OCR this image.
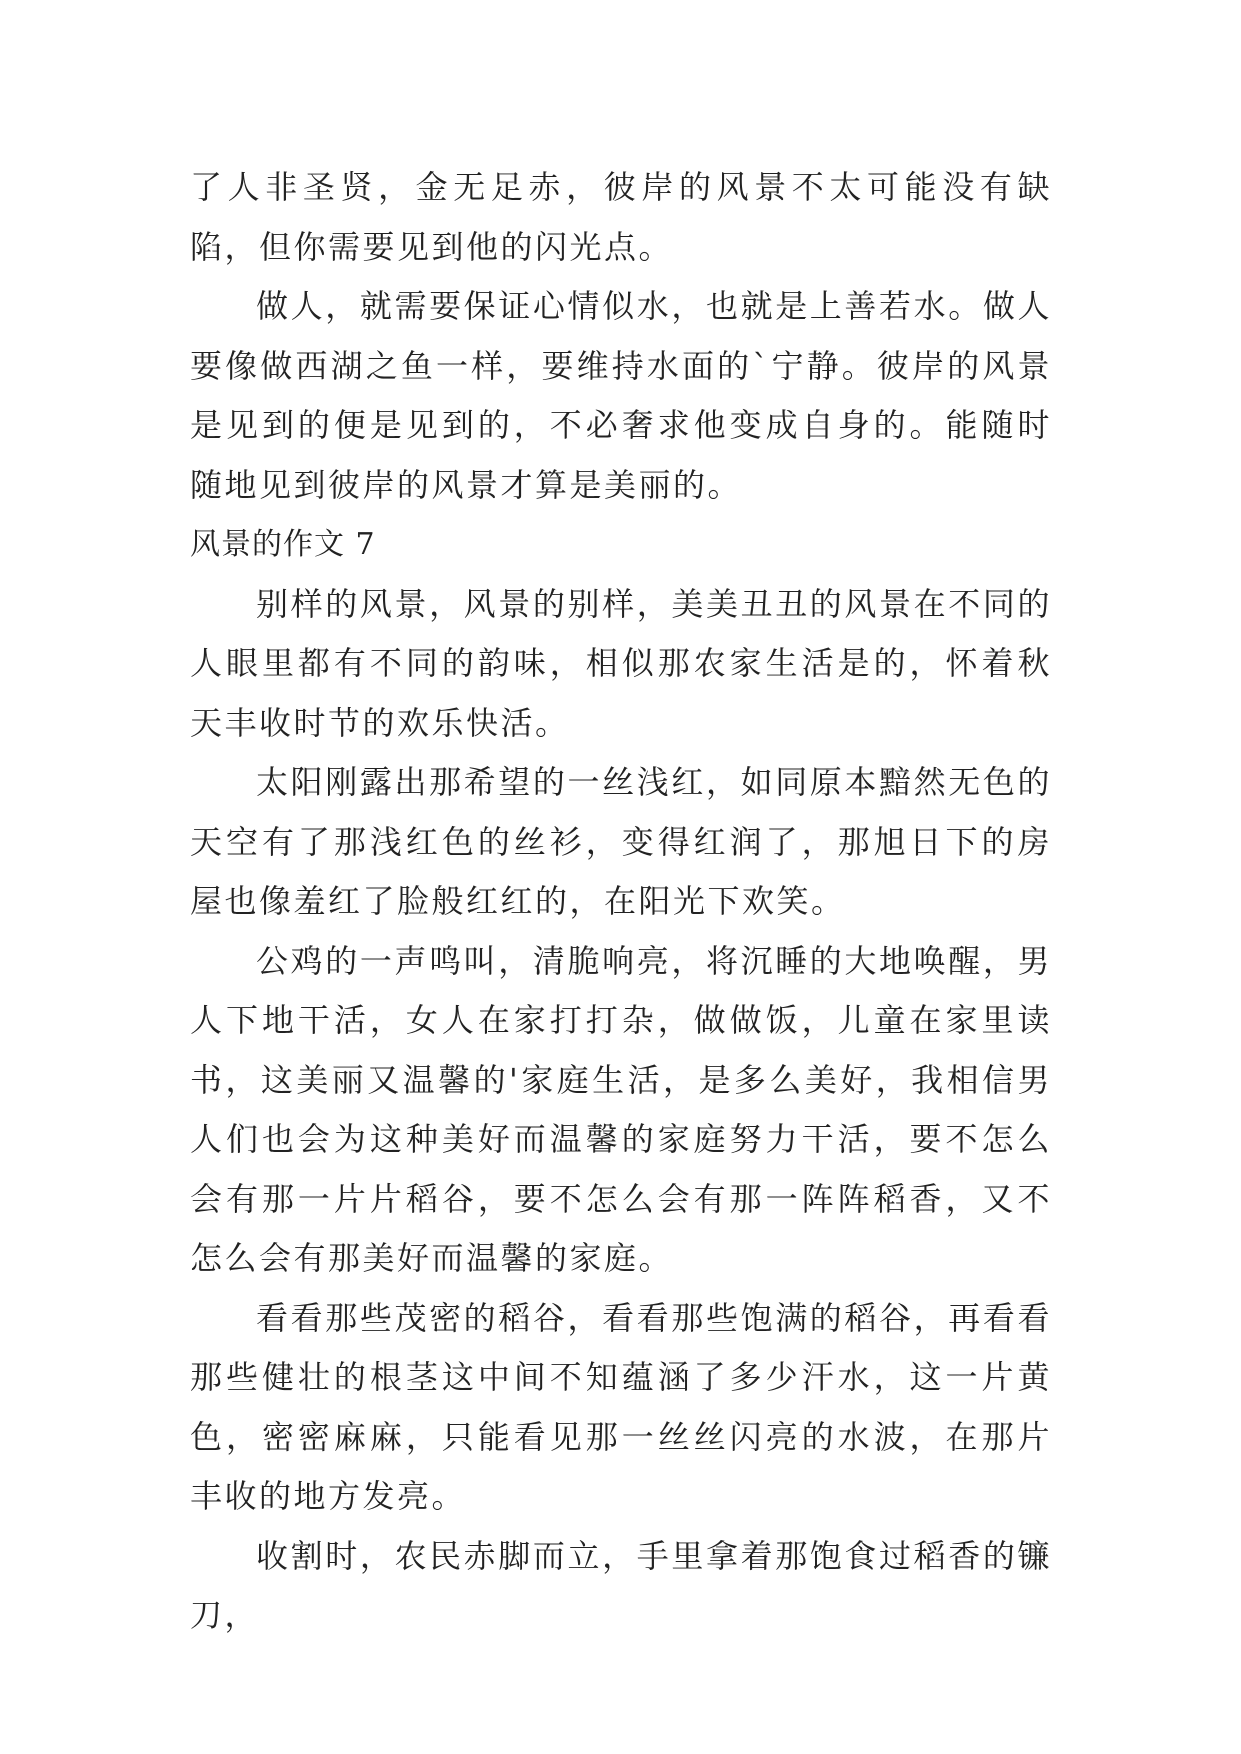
了人非圣贤，金无足赤，彼岸的风景不太可能没有缺陷，但你需要见到他的闪光点。

做人，就需要保证心情似水，也就是上善若水。做人要像做西湖之鱼一样，要维持水面的`宁静。彼岸的风景是见到的便是见到的，不必奢求他变成自身的。能随时随地见到彼岸的风景才算是美丽的。

风景的作文 7

别样的风景，风景的别样，美美丑丑的风景在不同的人眼里都有不同的韵味，相似那农家生活是的，怀着秋天丰收时节的欢乐快活。

太阳刚露出那希望的一丝浅红，如同原本黯然无色的天空有了那浅红色的丝衫，变得红润了，那旭日下的房屋也像羞红了脸般红红的，在阳光下欢笑。

公鸡的一声鸣叫，清脆响亮，将沉睡的大地唤醒，男人下地干活，女人在家打打杂，做做饭，儿童在家里读书，这美丽又温馨的'家庭生活，是多么美好，我相信男人们也会为这种美好而温馨的家庭努力干活，要不怎么会有那一片片稻谷，要不怎么会有那一阵阵稻香，又不怎么会有那美好而温馨的家庭。

看看那些茂密的稻谷，看看那些饱满的稻谷，再看看那些健壮的根茎这中间不知蕴涵了多少汗水，这一片黄色，密密麻麻，只能看见那一丝丝闪亮的水波，在那片丰收的地方发亮。

收割时，农民赤脚而立，手里拿着那饱食过稻香的镰刀，
